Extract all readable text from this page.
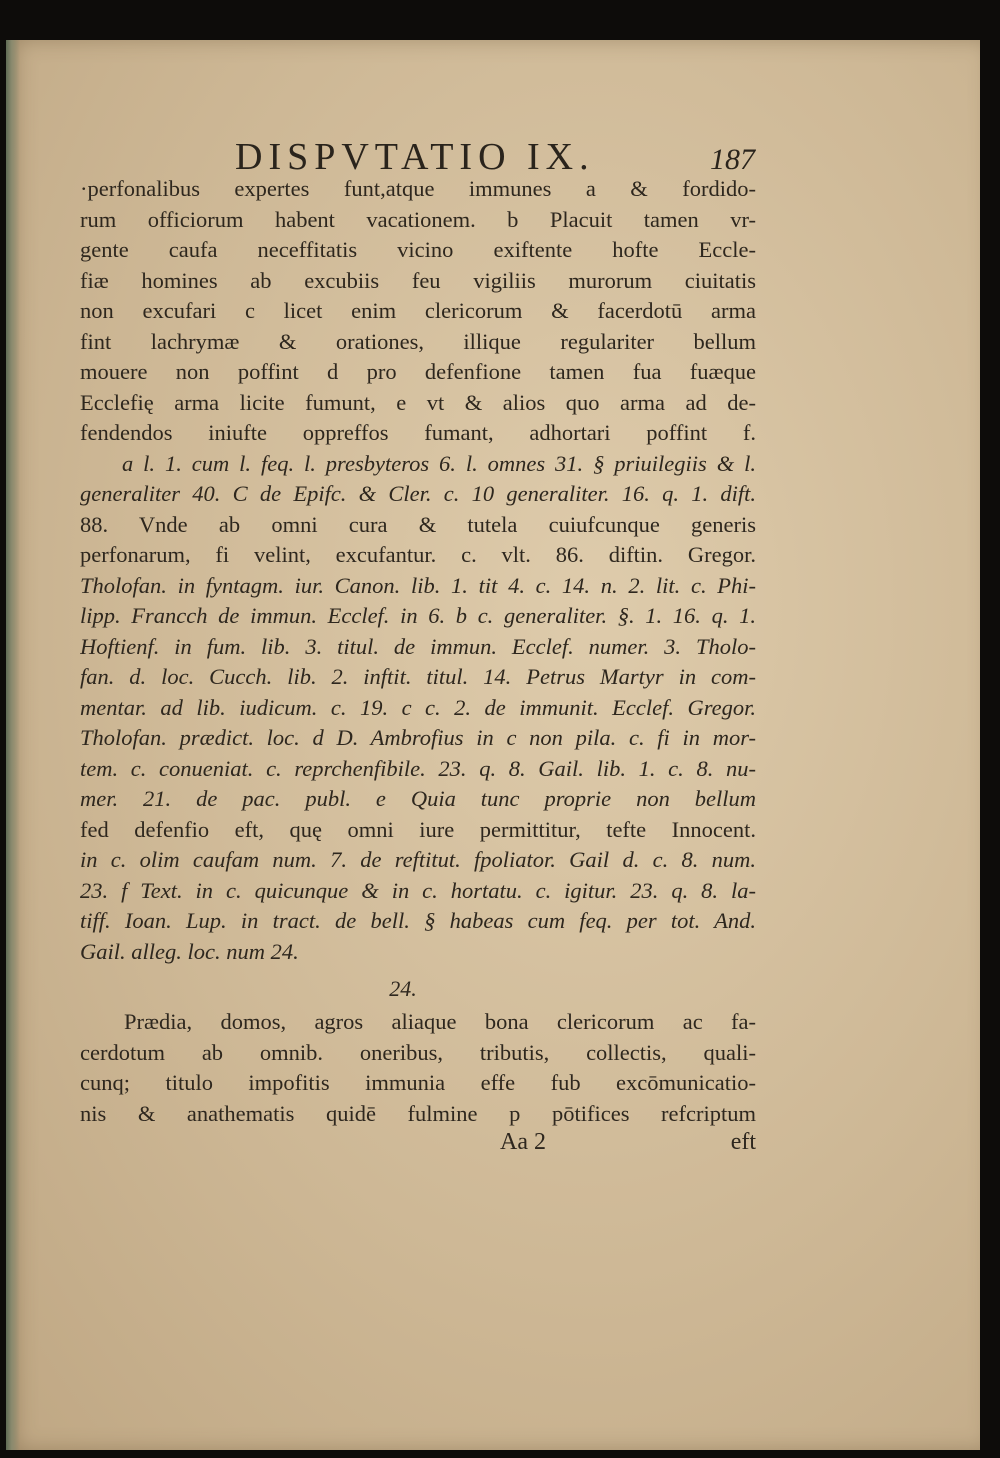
DISPVTATIO IX.	187
·perfonalibus expertes funt,atque immunes a & fordido-
rum officiorum habent vacationem. b Placuit tamen vr-
gente caufa neceffitatis vicino exiftente hofte Eccle-
fiæ homines ab excubiis feu vigiliis murorum ciuitatis
non excufari c licet enim clericorum & facerdotū arma
fint lachrymæ & orationes, illique regulariter bellum
mouere non poffint d pro defenfione tamen fua fuæque
Ecclefię arma licite fumunt, e vt & alios quo arma ad de-
fendendos iniufte oppreffos fumant, adhortari poffint f.
a l. 1. cum l. feq. l. presbyteros 6. l. omnes 31. § priuilegiis & l.
generaliter 40. C de Epifc. & Cler. c. 10 generaliter. 16. q. 1. dift.
88. Vnde ab omni cura & tutela cuiufcunque generis
perfonarum, fi velint, excufantur. c. vlt. 86. diftin. Gregor.
Tholofan. in fyntagm. iur. Canon. lib. 1. tit 4. c. 14. n. 2. lit. c. Phi-
lipp. Francch de immun. Ecclef. in 6. b c. generaliter. §. 1. 16. q. 1.
Hoftienf. in fum. lib. 3. titul. de immun. Ecclef. numer. 3. Tholo-
fan. d. loc. Cucch. lib. 2. inftit. titul. 14. Petrus Martyr in com-
mentar. ad lib. iudicum. c. 19. c c. 2. de immunit. Ecclef. Gregor.
Tholofan. prædict. loc. d D. Ambrofius in c non pila. c. fi in mor-
tem. c. conueniat. c. reprchenfibile. 23. q. 8. Gail. lib. 1. c. 8. nu-
mer. 21. de pac. publ. e Quia tunc proprie non bellum
fed defenfio eft, quę omni iure permittitur, tefte Innocent.
in c. olim caufam num. 7. de reftitut. fpoliator. Gail d. c. 8. num.
23. f Text. in c. quicunque & in c. hortatu. c. igitur. 23. q. 8. la-
tiff. Ioan. Lup. in tract. de bell. § habeas cum feq. per tot. And.
Gail. alleg. loc. num 24.
24.
Prædia, domos, agros aliaque bona clericorum ac fa-
cerdotum ab omnib. oneribus, tributis, collectis, quali-
cunq; titulo impofitis immunia effe fub excōmunicatio-
nis & anathematis quidē fulmine p pōtifices refcriptum
Aa 2	eft
